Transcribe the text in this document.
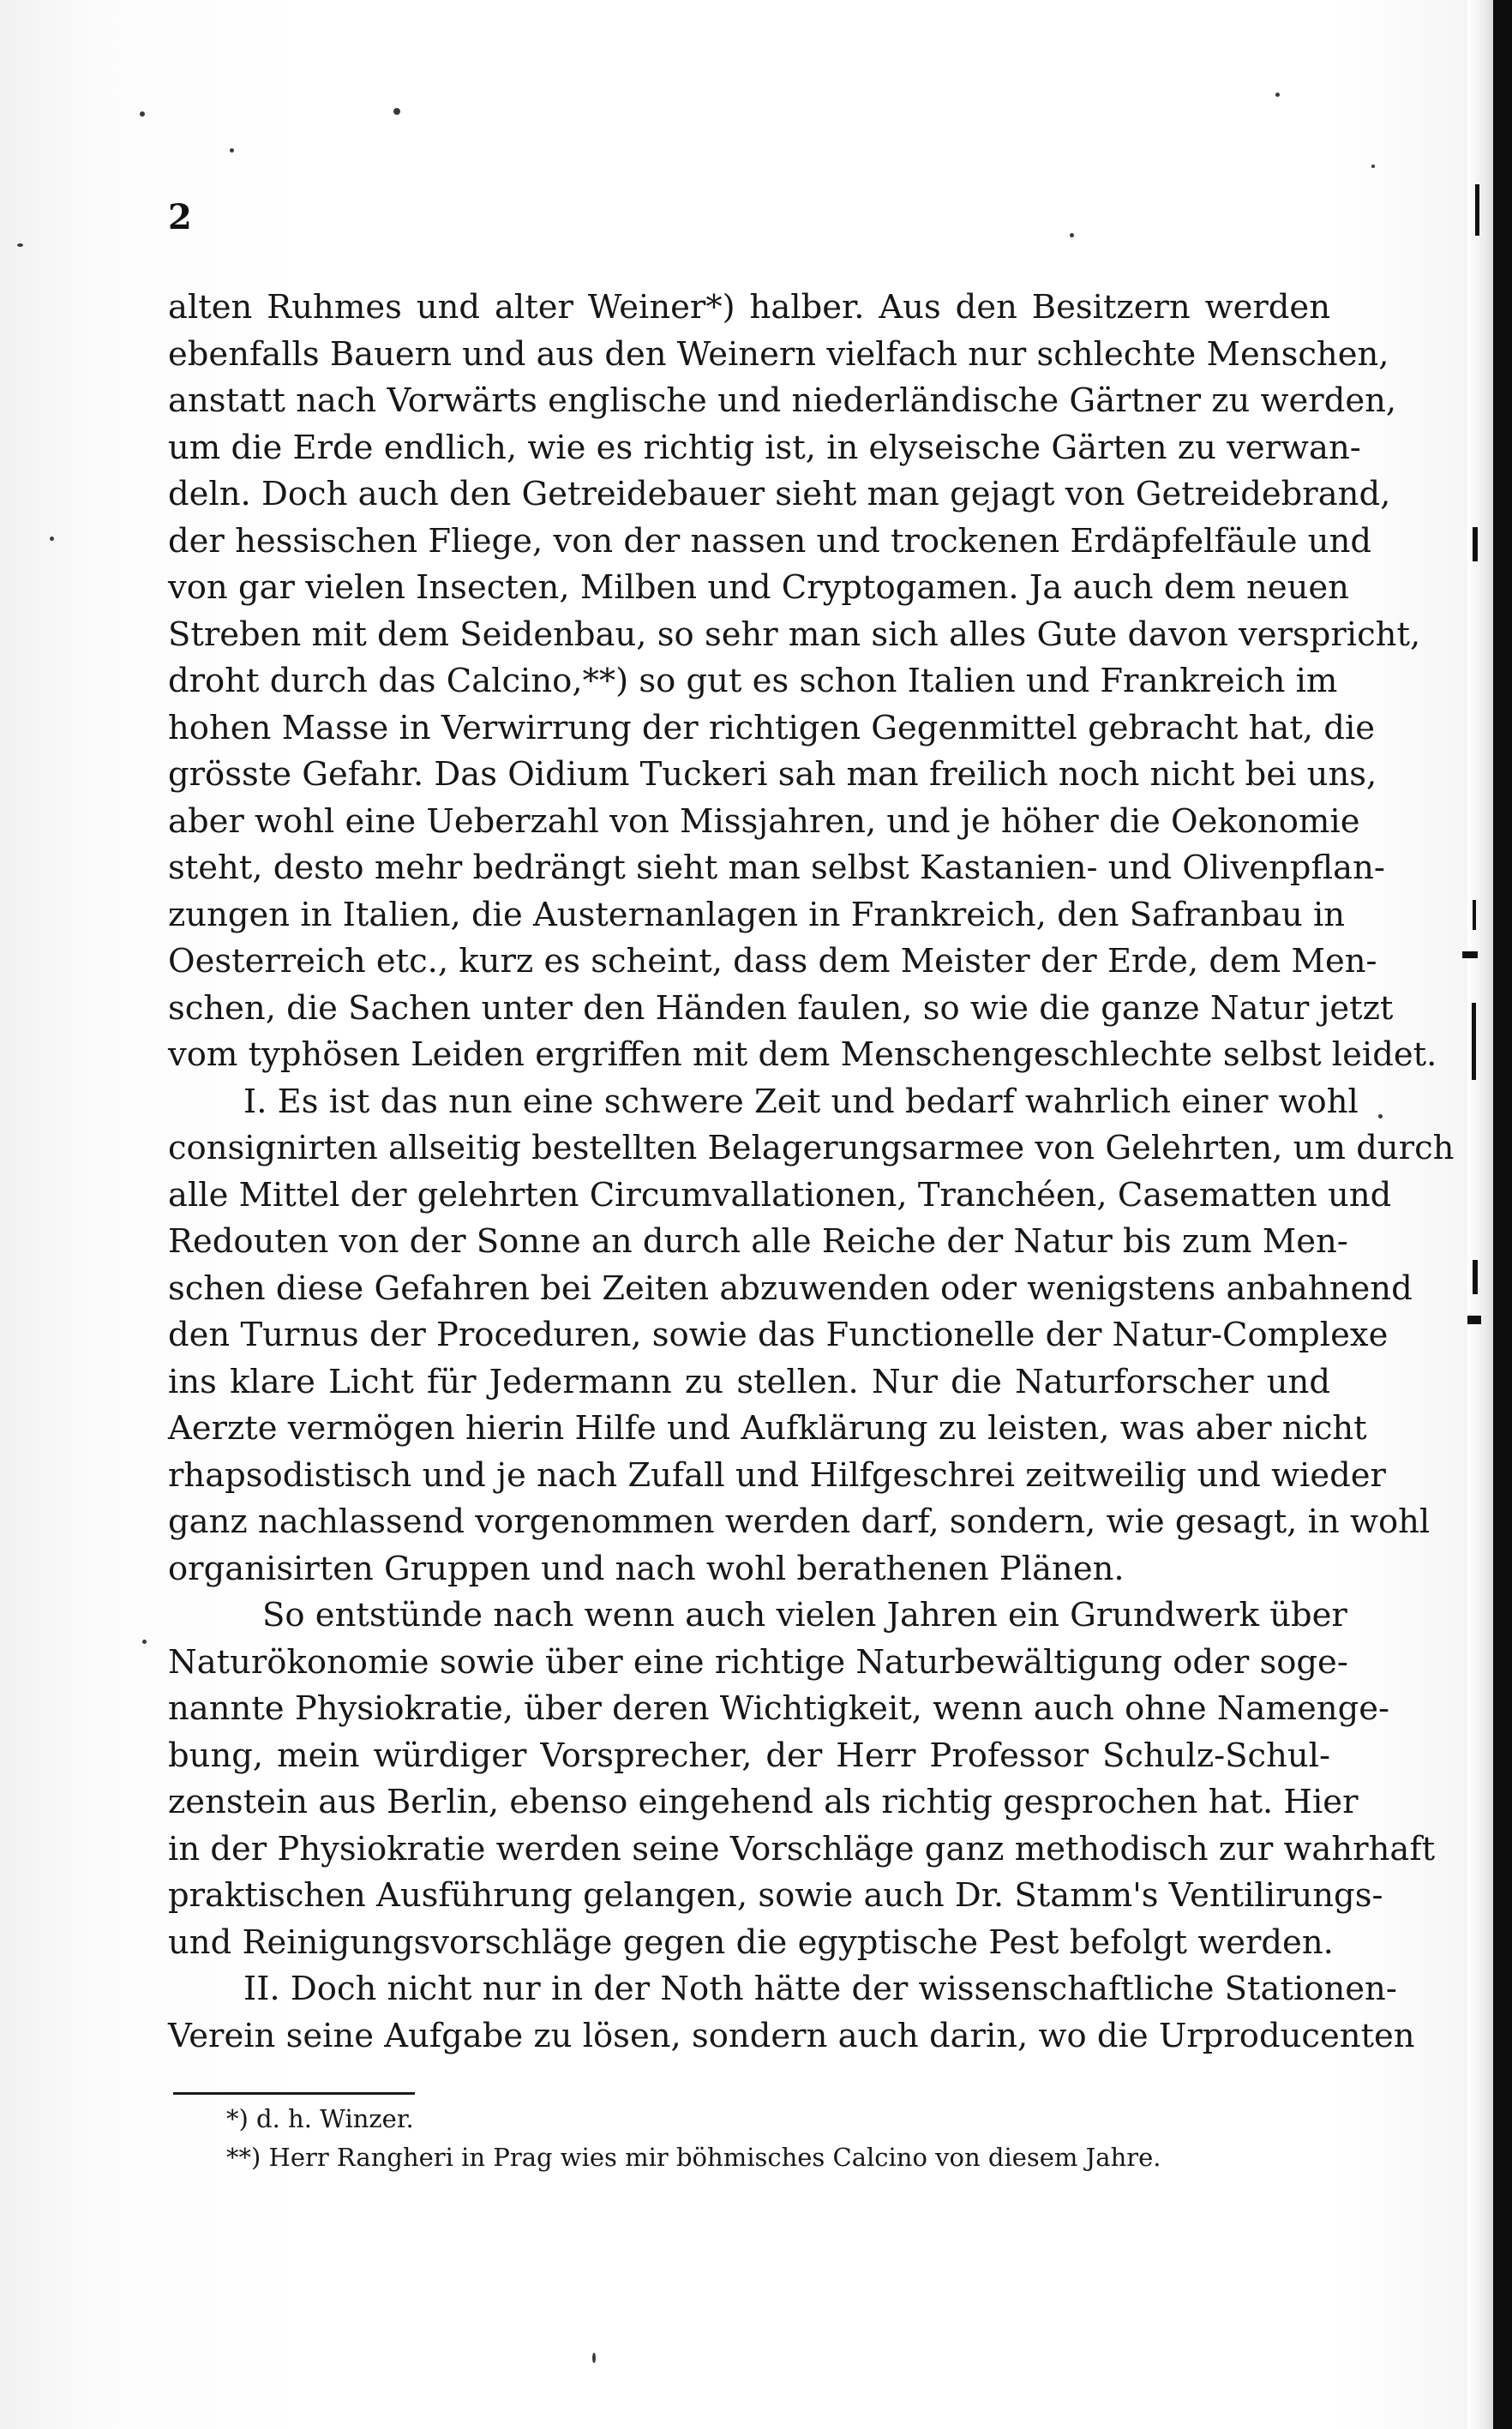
2
alten Ruhmes und alter Weiner*) halber. Aus den Besitzern werden
ebenfalls Bauern und aus den Weinern vielfach nur schlechte Menschen,
anstatt nach Vorwärts englische und niederländische Gärtner zu werden,
um die Erde endlich, wie es richtig ist, in elyseische Gärten zu verwan-
deln. Doch auch den Getreidebauer sieht man gejagt von Getreidebrand,
der hessischen Fliege, von der nassen und trockenen Erdäpfelfäule und
von gar vielen Insecten, Milben und Cryptogamen. Ja auch dem neuen
Streben mit dem Seidenbau, so sehr man sich alles Gute davon verspricht,
droht durch das Calcino,**) so gut es schon Italien und Frankreich im
hohen Masse in Verwirrung der richtigen Gegenmittel gebracht hat, die
grösste Gefahr. Das Oidium Tuckeri sah man freilich noch nicht bei uns,
aber wohl eine Ueberzahl von Missjahren, und je höher die Oekonomie
steht, desto mehr bedrängt sieht man selbst Kastanien- und Olivenpflan-
zungen in Italien, die Austernanlagen in Frankreich, den Safranbau in
Oesterreich etc., kurz es scheint, dass dem Meister der Erde, dem Men-
schen, die Sachen unter den Händen faulen, so wie die ganze Natur jetzt
vom typhösen Leiden ergriffen mit dem Menschengeschlechte selbst leidet.
I. Es ist das nun eine schwere Zeit und bedarf wahrlich einer wohl
consignirten allseitig bestellten Belagerungsarmee von Gelehrten, um durch
alle Mittel der gelehrten Circumvallationen, Tranchéen, Casematten und
Redouten von der Sonne an durch alle Reiche der Natur bis zum Men-
schen diese Gefahren bei Zeiten abzuwenden oder wenigstens anbahnend
den Turnus der Proceduren, sowie das Functionelle der Natur-Complexe
ins klare Licht für Jedermann zu stellen. Nur die Naturforscher und
Aerzte vermögen hierin Hilfe und Aufklärung zu leisten, was aber nicht
rhapsodistisch und je nach Zufall und Hilfgeschrei zeitweilig und wieder
ganz nachlassend vorgenommen werden darf, sondern, wie gesagt, in wohl
organisirten Gruppen und nach wohl berathenen Plänen.
So entstünde nach wenn auch vielen Jahren ein Grundwerk über
Naturökonomie sowie über eine richtige Naturbewältigung oder soge-
nannte Physiokratie, über deren Wichtigkeit, wenn auch ohne Namenge-
bung, mein würdiger Vorsprecher, der Herr Professor Schulz-Schul-
zenstein aus Berlin, ebenso eingehend als richtig gesprochen hat. Hier
in der Physiokratie werden seine Vorschläge ganz methodisch zur wahrhaft
praktischen Ausführung gelangen, sowie auch Dr. Stamm's Ventilirungs-
und Reinigungsvorschläge gegen die egyptische Pest befolgt werden.
II. Doch nicht nur in der Noth hätte der wissenschaftliche Stationen-
Verein seine Aufgabe zu lösen, sondern auch darin, wo die Urproducenten
*) d. h. Winzer.
**) Herr Rangheri in Prag wies mir böhmisches Calcino von diesem Jahre.
